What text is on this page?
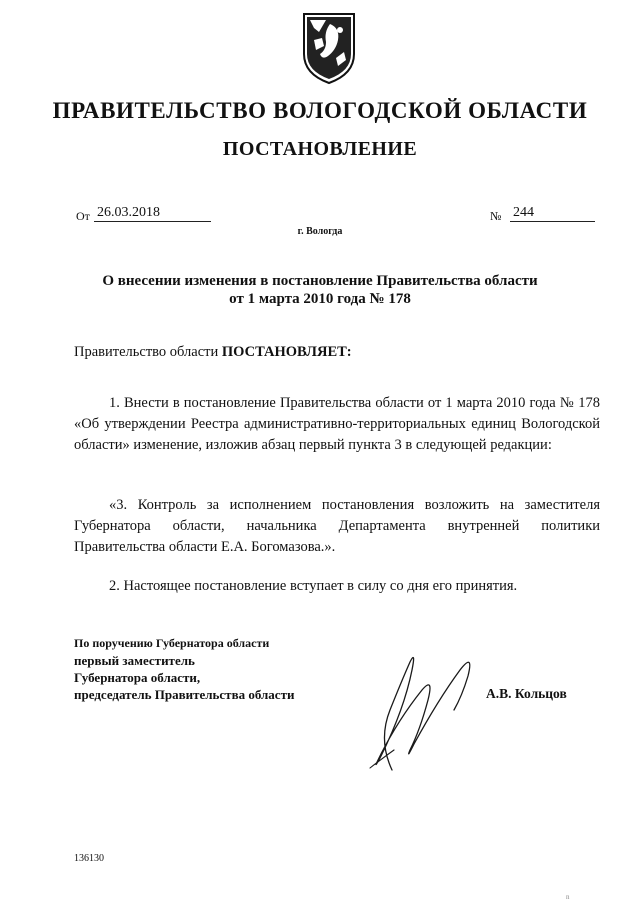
ПРАВИТЕЛЬСТВО ВОЛОГОДСКОЙ ОБЛАСТИ
ПОСТАНОВЛЕНИЕ
От 26.03.2018	№ 244
г. Вологда
О внесении изменения в постановление Правительства области
от 1 марта 2010 года № 178
Правительство области ПОСТАНОВЛЯЕТ:
1. Внести в постановление Правительства области от 1 марта 2010 года № 178 «Об утверждении Реестра административно-территориальных единиц Вологодской области» изменение, изложив абзац первый пункта 3 в следующей редакции:
«3. Контроль за исполнением постановления возложить на заместителя Губернатора области, начальника Департамента внутренней политики Правительства области Е.А. Богомазова.».
2. Настоящее постановление вступает в силу со дня его принятия.
По поручению Губернатора области
первый заместитель
Губернатора области,
председатель Правительства области	А.В. Кольцов
136130
n
